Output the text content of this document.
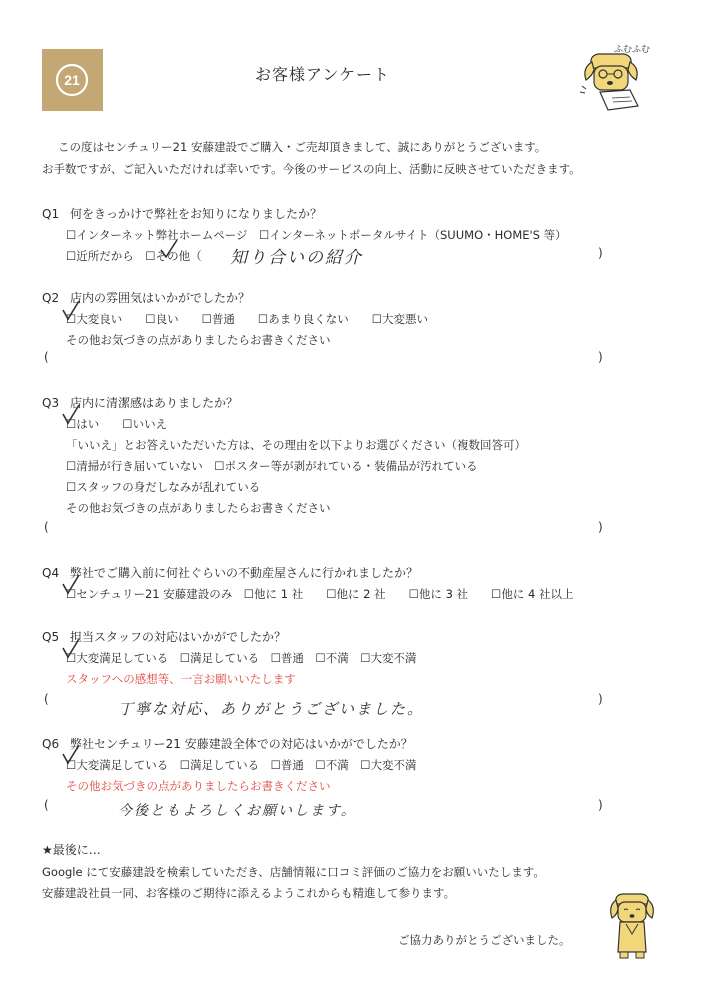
21	お客様アンケート
ふむふむ
この度はセンチュリー21 安藤建設でご購入・ご売却頂きまして、誠にありがとうございます。
お手数ですが、ご記入いただければ幸いです。今後のサービスの向上、活動に反映させていただきます。
Q1 何をきっかけで弊社をお知りになりましたか？
☐インターネット弊社ホームページ　☐インターネットポータルサイト（SUUMO・HOME'S 等）
☐近所だから　☐その他（ 知り合いの紹介	)
Q2 店内の雰囲気はいかがでしたか？
☐大変良い　　☐良い　　☐普通　　☐あまり良くない　　☐大変悪い
その他お気づきの点がありましたらお書きください
(	)
Q3 店内に清潔感はありましたか？
☐はい　　☐いいえ
「いいえ」とお答えいただいた方は、その理由を以下よりお選びください（複数回答可）
☐清掃が行き届いていない　☐ポスター等が剥がれている・装備品が汚れている
☐スタッフの身だしなみが乱れている
その他お気づきの点がありましたらお書きください
(	)
Q4 弊社でご購入前に何社ぐらいの不動産屋さんに行かれましたか？
☐センチュリー21 安藤建設のみ　☐他に 1 社　　☐他に 2 社　　☐他に 3 社　　☐他に 4 社以上
Q5 担当スタッフの対応はいかがでしたか？
☐大変満足している　☐満足している　☐普通　☐不満　☐大変不満
スタッフへの感想等、一言お願いいたします
(
丁寧な対応、ありがとうございました。
)
Q6 弊社センチュリー21 安藤建設全体での対応はいかがでしたか？
☐大変満足している　☐満足している　☐普通　☐不満　☐大変不満
その他お気づきの点がありましたらお書きください
(	今後ともよろしくお願いします。	)
★最後に…
Google にて安藤建設を検索していただき、店舗情報に口コミ評価のご協力をお願いいたします。
安藤建設社員一同、お客様のご期待に添えるようこれからも精進して参ります。
ご協力ありがとうございました。
